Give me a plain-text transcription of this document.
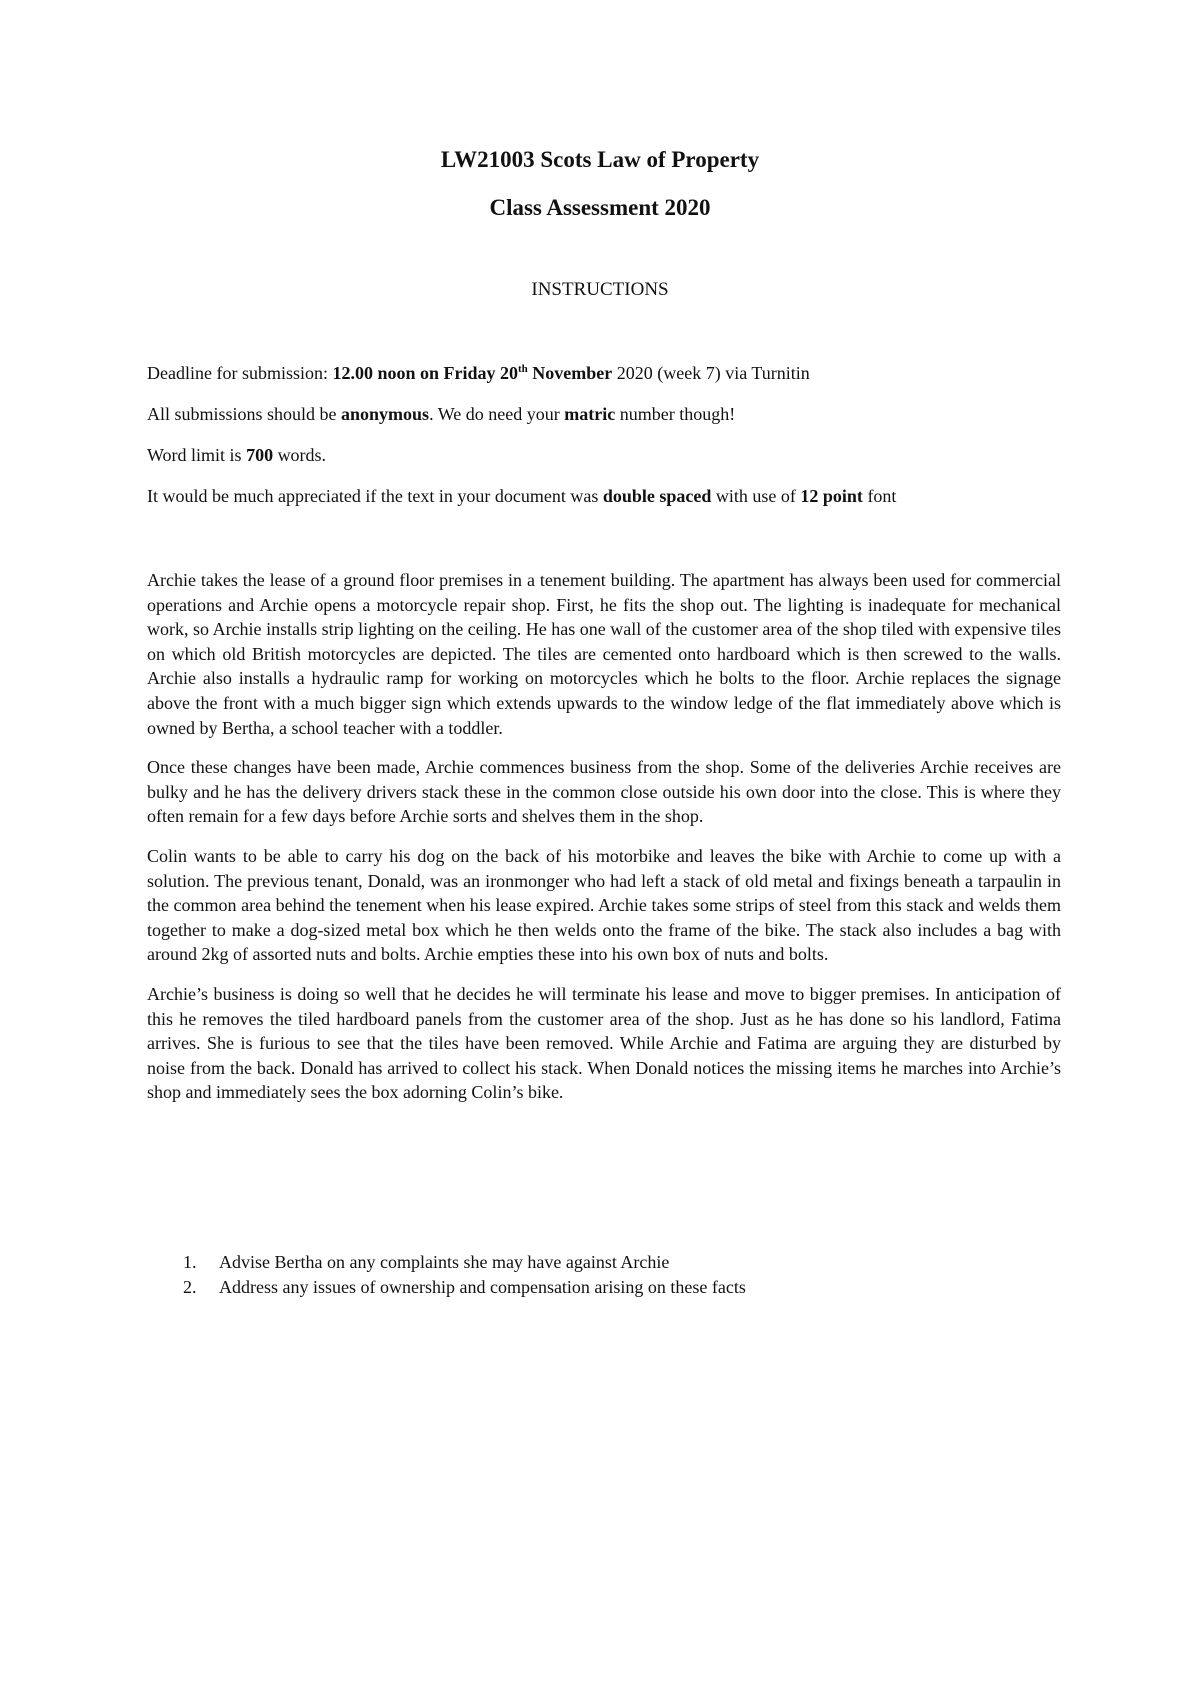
LW21003 Scots Law of Property
Class Assessment 2020
INSTRUCTIONS

Deadline for submission: 12.00 noon on Friday 20th November 2020 (week 7) via Turnitin

All submissions should be anonymous. We do need your matric number though!

Word limit is 700 words.

It would be much appreciated if the text in your document was double spaced with use of 12 point font

Archie takes the lease of a ground floor premises in a tenement building. The apartment has always been used for commercial operations and Archie opens a motorcycle repair shop. First, he fits the shop out. The lighting is inadequate for mechanical work, so Archie installs strip lighting on the ceiling. He has one wall of the customer area of the shop tiled with expensive tiles on which old British motorcycles are depicted. The tiles are cemented onto hardboard which is then screwed to the walls. Archie also installs a hydraulic ramp for working on motorcycles which he bolts to the floor. Archie replaces the signage above the front with a much bigger sign which extends upwards to the window ledge of the flat immediately above which is owned by Bertha, a school teacher with a toddler.

Once these changes have been made, Archie commences business from the shop. Some of the deliveries Archie receives are bulky and he has the delivery drivers stack these in the common close outside his own door into the close. This is where they often remain for a few days before Archie sorts and shelves them in the shop.

Colin wants to be able to carry his dog on the back of his motorbike and leaves the bike with Archie to come up with a solution. The previous tenant, Donald, was an ironmonger who had left a stack of old metal and fixings beneath a tarpaulin in the common area behind the tenement when his lease expired. Archie takes some strips of steel from this stack and welds them together to make a dog-sized metal box which he then welds onto the frame of the bike. The stack also includes a bag with around 2kg of assorted nuts and bolts. Archie empties these into his own box of nuts and bolts.

Archie’s business is doing so well that he decides he will terminate his lease and move to bigger premises. In anticipation of this he removes the tiled hardboard panels from the customer area of the shop. Just as he has done so his landlord, Fatima arrives. She is furious to see that the tiles have been removed. While Archie and Fatima are arguing they are disturbed by noise from the back. Donald has arrived to collect his stack. When Donald notices the missing items he marches into Archie’s shop and immediately sees the box adorning Colin’s bike.

1. Advise Bertha on any complaints she may have against Archie
2. Address any issues of ownership and compensation arising on these facts
